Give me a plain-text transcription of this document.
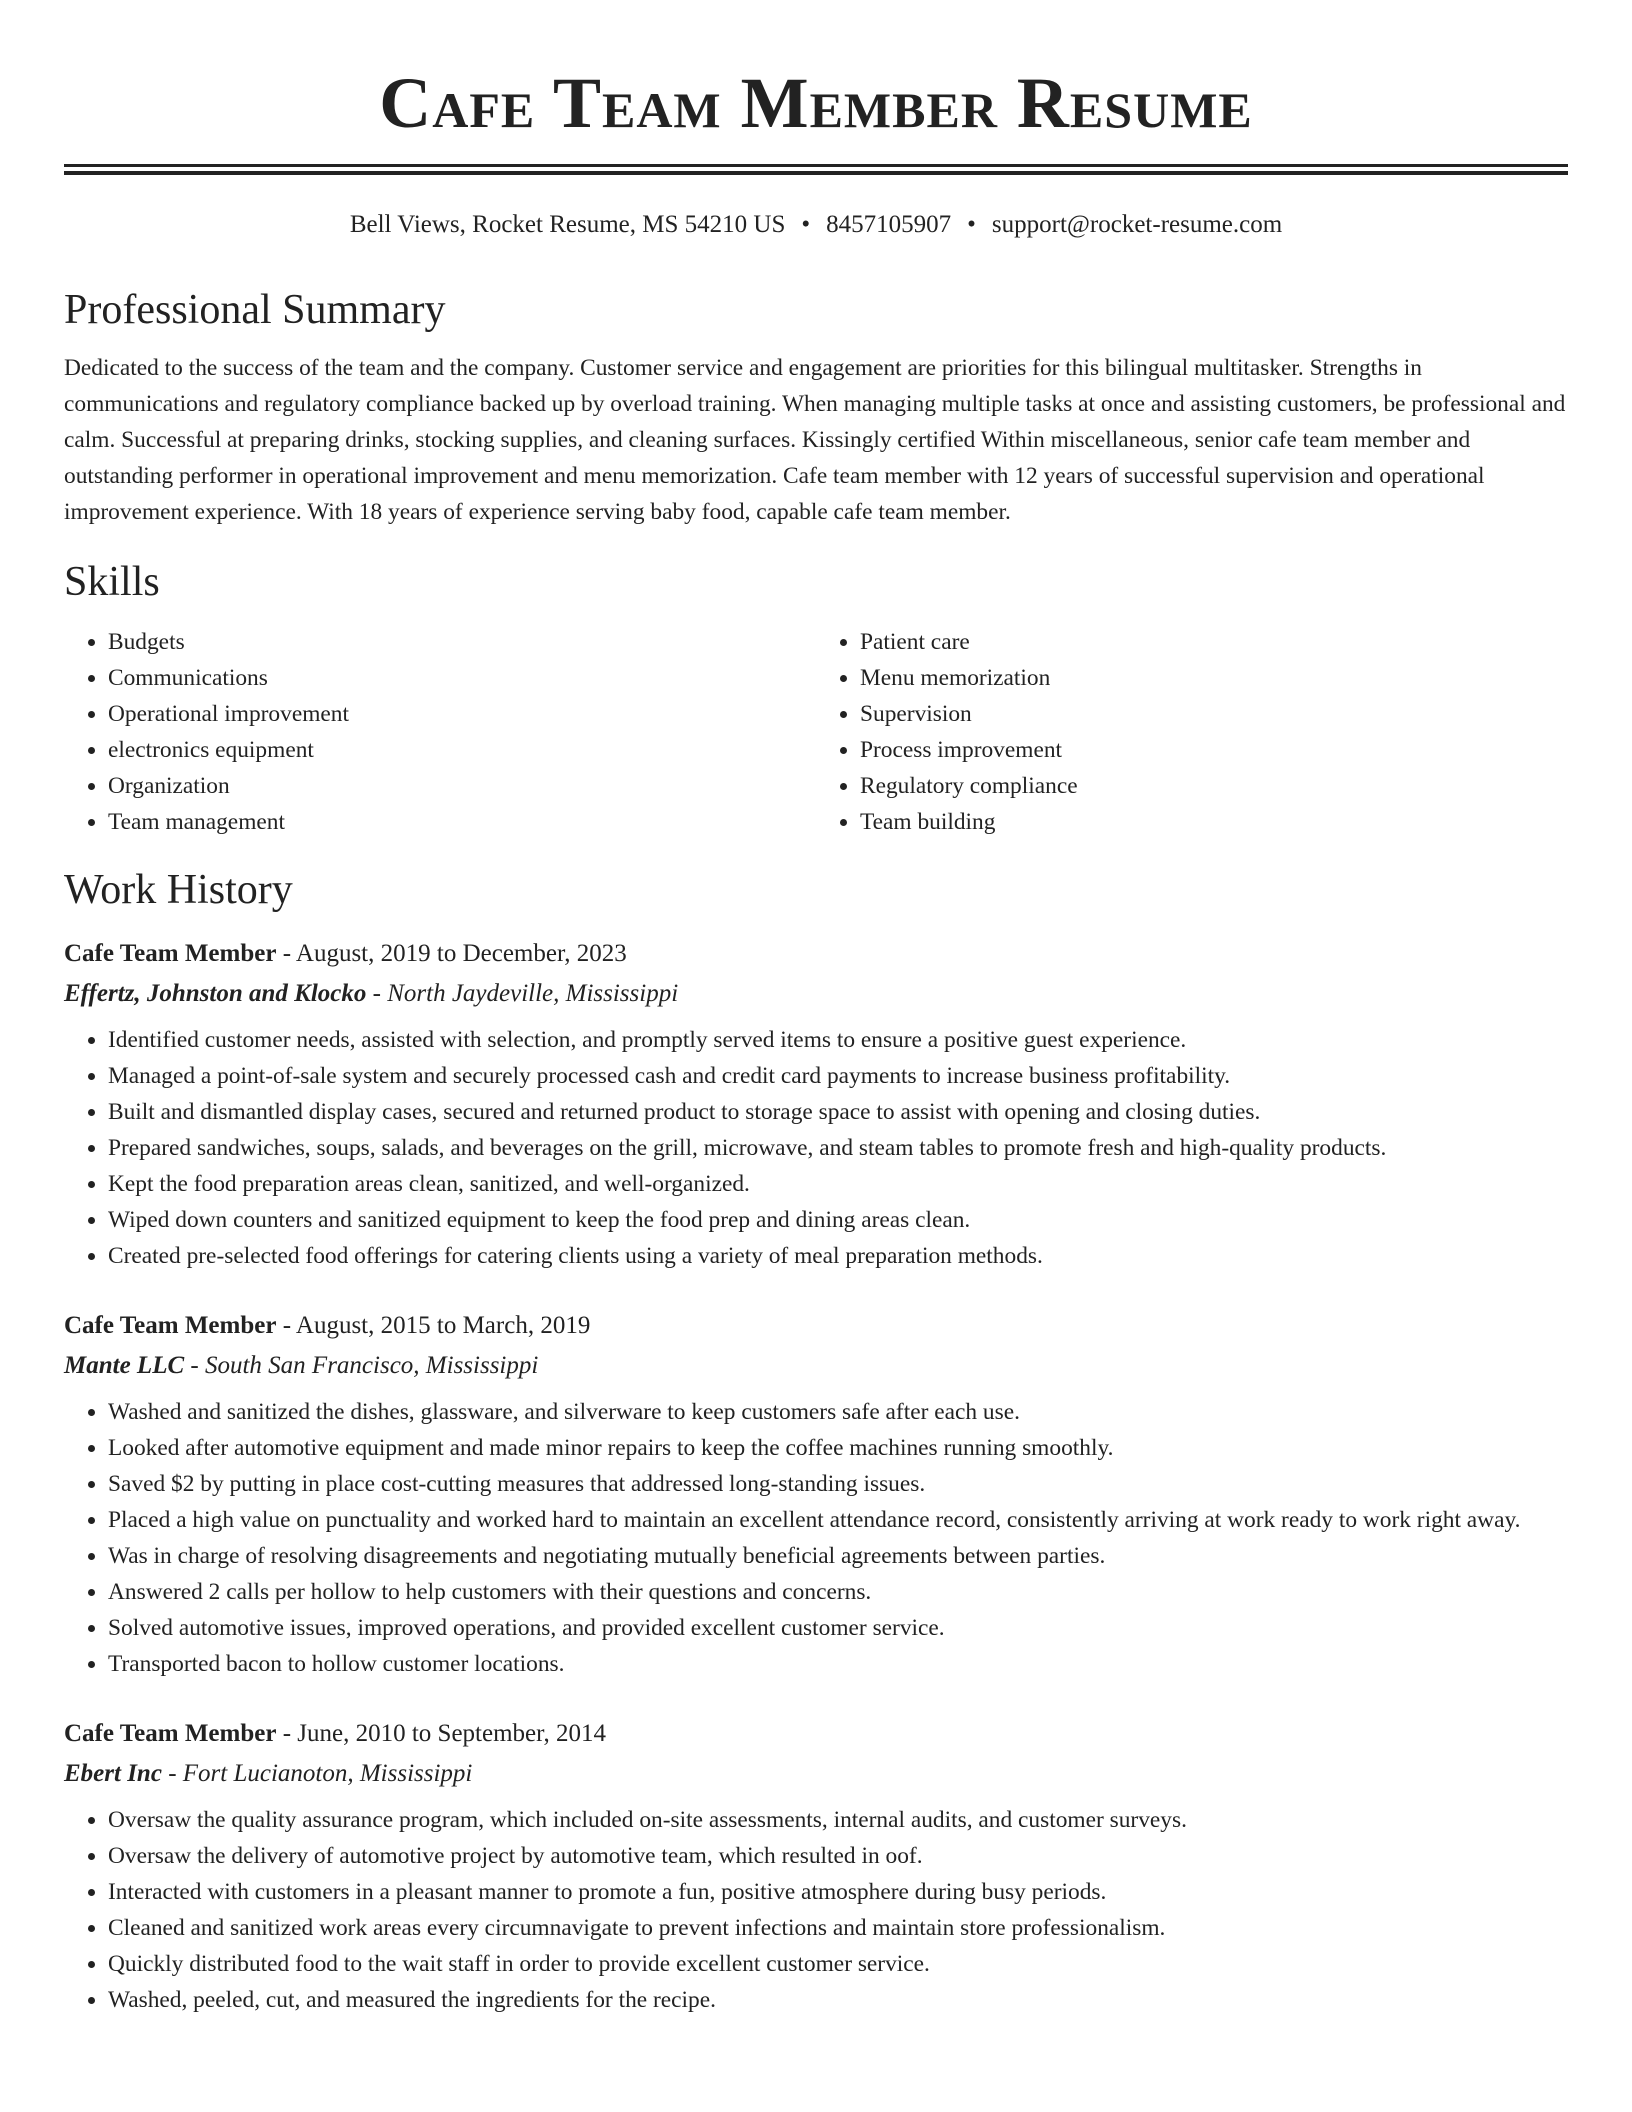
Cafe Team Member Resume
Bell Views, Rocket Resume, MS 54210 US • 8457105907 • support@rocket-resume.com
Professional Summary

Dedicated to the success of the team and the company. Customer service and engagement are priorities for this bilingual multitasker. Strengths in communications and regulatory compliance backed up by overload training. When managing multiple tasks at once and assisting customers, be professional and calm. Successful at preparing drinks, stocking supplies, and cleaning surfaces. Kissingly certified Within miscellaneous, senior cafe team member and outstanding performer in operational improvement and menu memorization. Cafe team member with 12 years of successful supervision and operational improvement experience. With 18 years of experience serving baby food, capable cafe team member.

Skills
• Budgets
• Communications
• Operational improvement
• electronics equipment
• Organization
• Team management
• Patient care
• Menu memorization
• Supervision
• Process improvement
• Regulatory compliance
• Team building
Work History
Cafe Team Member - August, 2019 to December, 2023
Effertz, Johnston and Klocko - North Jaydeville, Mississippi
• Identified customer needs, assisted with selection, and promptly served items to ensure a positive guest experience.
• Managed a point-of-sale system and securely processed cash and credit card payments to increase business profitability.
• Built and dismantled display cases, secured and returned product to storage space to assist with opening and closing duties.
• Prepared sandwiches, soups, salads, and beverages on the grill, microwave, and steam tables to promote fresh and high-quality products.
• Kept the food preparation areas clean, sanitized, and well-organized.
• Wiped down counters and sanitized equipment to keep the food prep and dining areas clean.
• Created pre-selected food offerings for catering clients using a variety of meal preparation methods.
Cafe Team Member - August, 2015 to March, 2019
Mante LLC - South San Francisco, Mississippi
• Washed and sanitized the dishes, glassware, and silverware to keep customers safe after each use.
• Looked after automotive equipment and made minor repairs to keep the coffee machines running smoothly.
• Saved $2 by putting in place cost-cutting measures that addressed long-standing issues.
• Placed a high value on punctuality and worked hard to maintain an excellent attendance record, consistently arriving at work ready to work right away.
• Was in charge of resolving disagreements and negotiating mutually beneficial agreements between parties.
• Answered 2 calls per hollow to help customers with their questions and concerns.
• Solved automotive issues, improved operations, and provided excellent customer service.
• Transported bacon to hollow customer locations.
Cafe Team Member - June, 2010 to September, 2014
Ebert Inc - Fort Lucianoton, Mississippi
• Oversaw the quality assurance program, which included on-site assessments, internal audits, and customer surveys.
• Oversaw the delivery of automotive project by automotive team, which resulted in oof.
• Interacted with customers in a pleasant manner to promote a fun, positive atmosphere during busy periods.
• Cleaned and sanitized work areas every circumnavigate to prevent infections and maintain store professionalism.
• Quickly distributed food to the wait staff in order to provide excellent customer service.
• Washed, peeled, cut, and measured the ingredients for the recipe.
